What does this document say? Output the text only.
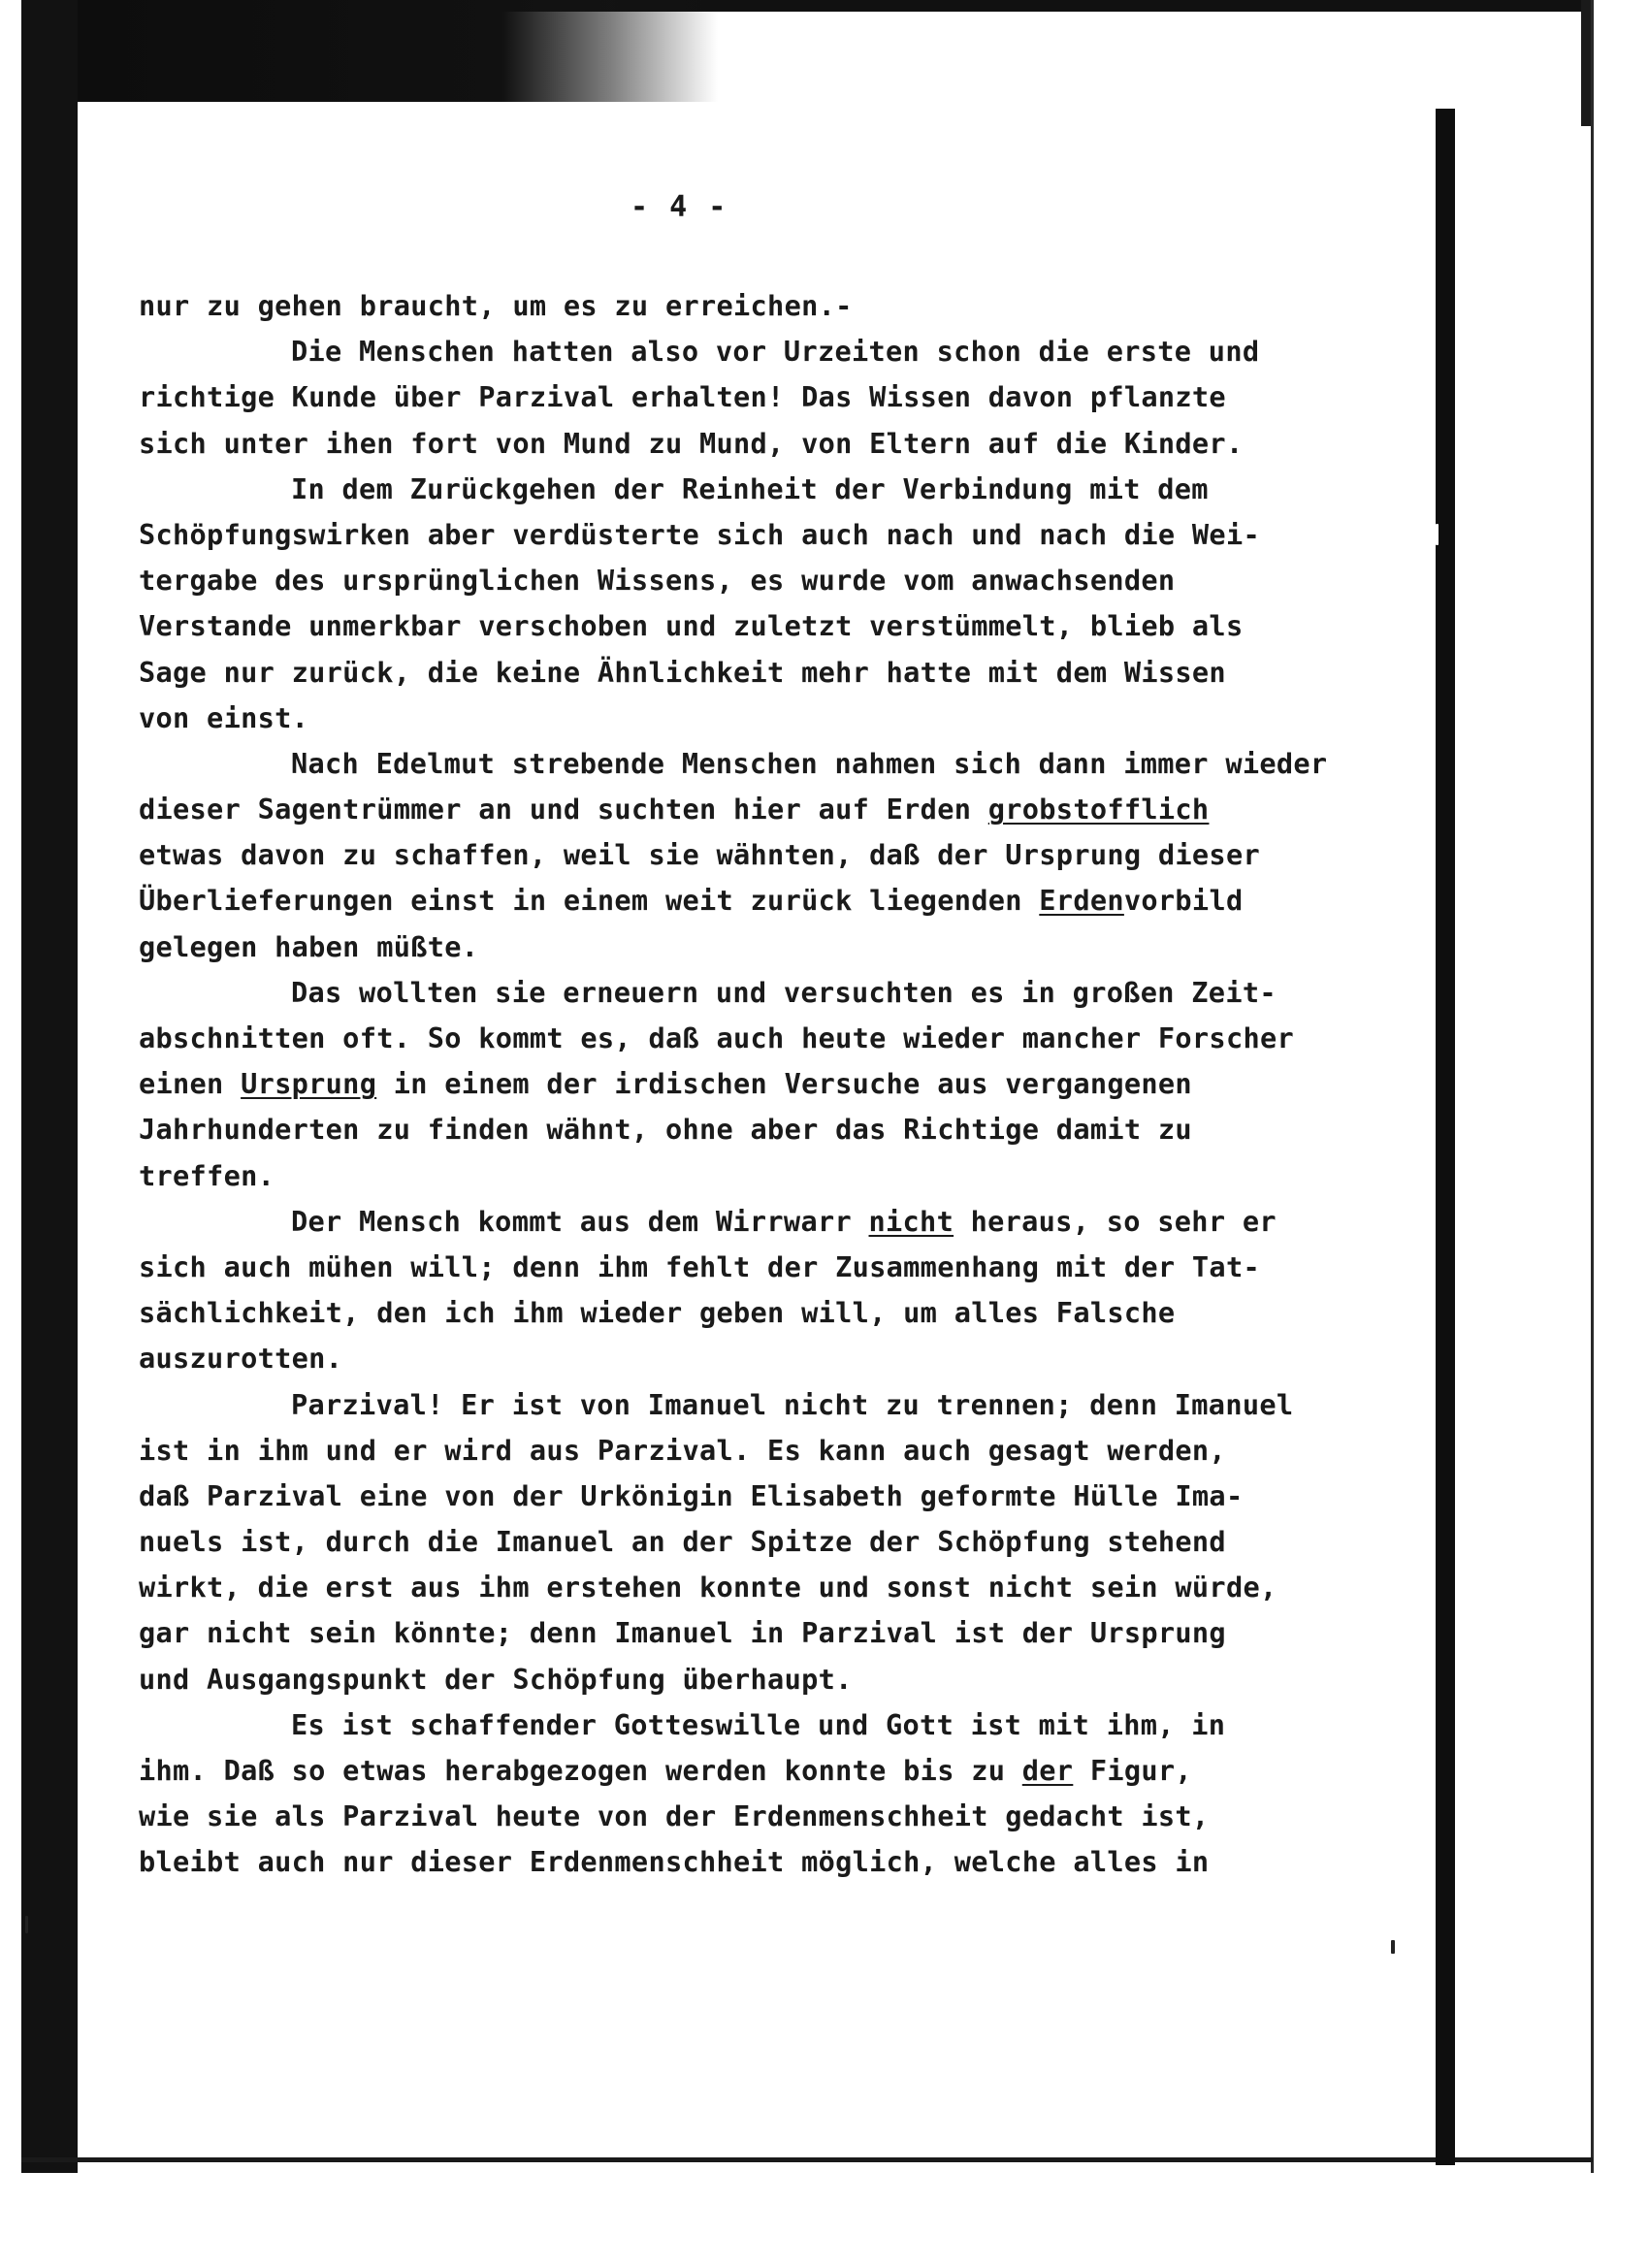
- 4 -
nur zu gehen braucht, um es zu erreichen.-
Die Menschen hatten also vor Urzeiten schon die erste und
richtige Kunde über Parzival erhalten! Das Wissen davon pflanzte
sich unter ihen fort von Mund zu Mund, von Eltern auf die Kinder.
In dem Zurückgehen der Reinheit der Verbindung mit dem
Schöpfungswirken aber verdüsterte sich auch nach und nach die Wei-
tergabe des ursprünglichen Wissens, es wurde vom anwachsenden
Verstande unmerkbar verschoben und zuletzt verstümmelt, blieb als
Sage nur zurück, die keine Ähnlichkeit mehr hatte mit dem Wissen
von einst.
Nach Edelmut strebende Menschen nahmen sich dann immer wieder
dieser Sagentrümmer an und suchten hier auf Erden grobstofflich
etwas davon zu schaffen, weil sie wähnten, daß der Ursprung dieser
Überlieferungen einst in einem weit zurück liegenden Erdenvorbild
gelegen haben müßte.
Das wollten sie erneuern und versuchten es in großen Zeit-
abschnitten oft. So kommt es, daß auch heute wieder mancher Forscher
einen Ursprung in einem der irdischen Versuche aus vergangenen
Jahrhunderten zu finden wähnt, ohne aber das Richtige damit zu
treffen.
Der Mensch kommt aus dem Wirrwarr nicht heraus, so sehr er
sich auch mühen will; denn ihm fehlt der Zusammenhang mit der Tat-
sächlichkeit, den ich ihm wieder geben will, um alles Falsche
auszurotten.
Parzival! Er ist von Imanuel nicht zu trennen; denn Imanuel
ist in ihm und er wird aus Parzival. Es kann auch gesagt werden,
daß Parzival eine von der Urkönigin Elisabeth geformte Hülle Ima-
nuels ist, durch die Imanuel an der Spitze der Schöpfung stehend
wirkt, die erst aus ihm erstehen konnte und sonst nicht sein würde,
gar nicht sein könnte; denn Imanuel in Parzival ist der Ursprung
und Ausgangspunkt der Schöpfung überhaupt.
Es ist schaffender Gotteswille und Gott ist mit ihm, in
ihm. Daß so etwas herabgezogen werden konnte bis zu der Figur,
wie sie als Parzival heute von der Erdenmenschheit gedacht ist,
bleibt auch nur dieser Erdenmenschheit möglich, welche alles in
